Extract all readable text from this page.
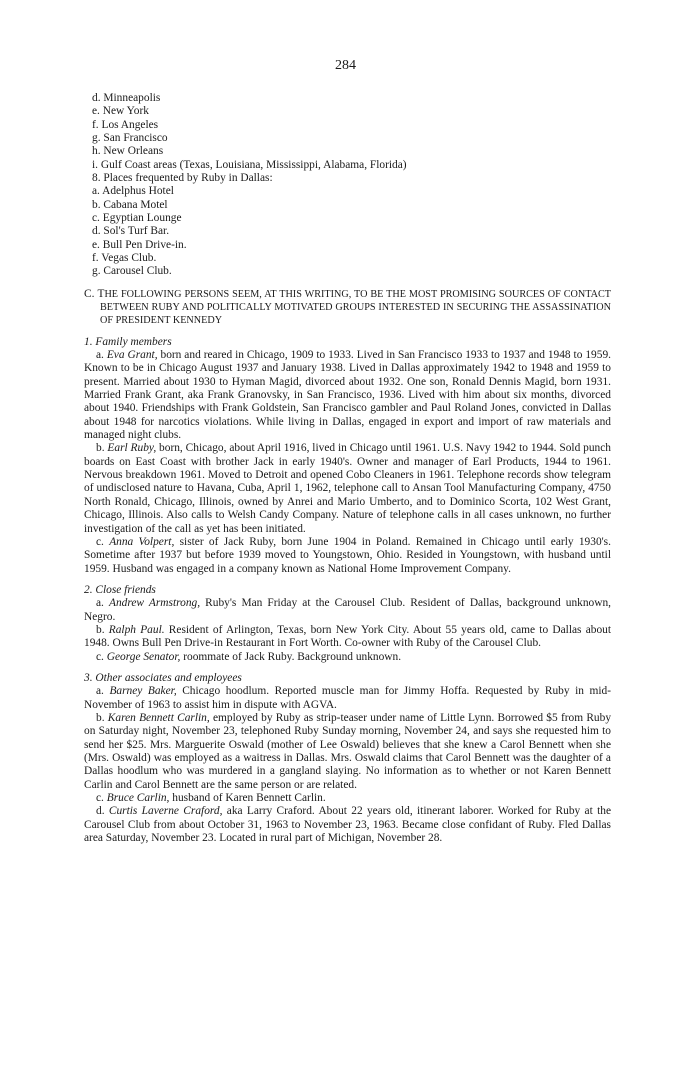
284
d. Minneapolis
e. New York
f. Los Angeles
g. San Francisco
h. New Orleans
i. Gulf Coast areas (Texas, Louisiana, Mississippi, Alabama, Florida)
8. Places frequented by Ruby in Dallas:
a. Adelphus Hotel
b. Cabana Motel
c. Egyptian Lounge
d. Sol's Turf Bar.
e. Bull Pen Drive-in.
f. Vegas Club.
g. Carousel Club.
C. THE FOLLOWING PERSONS SEEM, AT THIS WRITING, TO BE THE MOST PROMISING SOURCES OF CONTACT BETWEEN RUBY AND POLITICALLY MOTIVATED GROUPS INTERESTED IN SECURING THE ASSASSINATION OF PRESIDENT KENNEDY
1. Family members
a. Eva Grant, born and reared in Chicago, 1909 to 1933. Lived in San Francisco 1933 to 1937 and 1948 to 1959. Known to be in Chicago August 1937 and January 1938. Lived in Dallas approximately 1942 to 1948 and 1959 to present. Married about 1930 to Hyman Magid, divorced about 1932. One son, Ronald Dennis Magid, born 1931. Married Frank Grant, aka Frank Granovsky, in San Francisco, 1936. Lived with him about six months, divorced about 1940. Friendships with Frank Goldstein, San Francisco gambler and Paul Roland Jones, convicted in Dallas about 1948 for narcotics violations. While living in Dallas, engaged in export and import of raw materials and managed night clubs.
b. Earl Ruby, born, Chicago, about April 1916, lived in Chicago until 1961. U.S. Navy 1942 to 1944. Sold punch boards on East Coast with brother Jack in early 1940's. Owner and manager of Earl Products, 1944 to 1961. Nervous breakdown 1961. Moved to Detroit and opened Cobo Cleaners in 1961. Telephone records show telegram of undisclosed nature to Havana, Cuba, April 1, 1962, telephone call to Ansan Tool Manufacturing Company, 4750 North Ronald, Chicago, Illinois, owned by Anrei and Mario Umberto, and to Dominico Scorta, 102 West Grant, Chicago, Illinois. Also calls to Welsh Candy Company. Nature of telephone calls in all cases unknown, no further investigation of the call as yet has been initiated.
c. Anna Volpert, sister of Jack Ruby, born June 1904 in Poland. Remained in Chicago until early 1930's. Sometime after 1937 but before 1939 moved to Youngstown, Ohio. Resided in Youngstown, with husband until 1959. Husband was engaged in a company known as National Home Improvement Company.
2. Close friends
a. Andrew Armstrong, Ruby's Man Friday at the Carousel Club. Resident of Dallas, background unknown, Negro.
b. Ralph Paul. Resident of Arlington, Texas, born New York City. About 55 years old, came to Dallas about 1948. Owns Bull Pen Drive-in Restaurant in Fort Worth. Co-owner with Ruby of the Carousel Club.
c. George Senator, roommate of Jack Ruby. Background unknown.
3. Other associates and employees
a. Barney Baker, Chicago hoodlum. Reported muscle man for Jimmy Hoffa. Requested by Ruby in mid-November of 1963 to assist him in dispute with AGVA.
b. Karen Bennett Carlin, employed by Ruby as strip-teaser under name of Little Lynn. Borrowed $5 from Ruby on Saturday night, November 23, telephoned Ruby Sunday morning, November 24, and says she requested him to send her $25. Mrs. Marguerite Oswald (mother of Lee Oswald) believes that she knew a Carol Bennett when she (Mrs. Oswald) was employed as a waitress in Dallas. Mrs. Oswald claims that Carol Bennett was the daughter of a Dallas hoodlum who was murdered in a gangland slaying. No information as to whether or not Karen Bennett Carlin and Carol Bennett are the same person or are related.
c. Bruce Carlin, husband of Karen Bennett Carlin.
d. Curtis Laverne Craford, aka Larry Craford. About 22 years old, itinerant laborer. Worked for Ruby at the Carousel Club from about October 31, 1963 to November 23, 1963. Became close confidant of Ruby. Fled Dallas area Saturday, November 23. Located in rural part of Michigan, November 28.
